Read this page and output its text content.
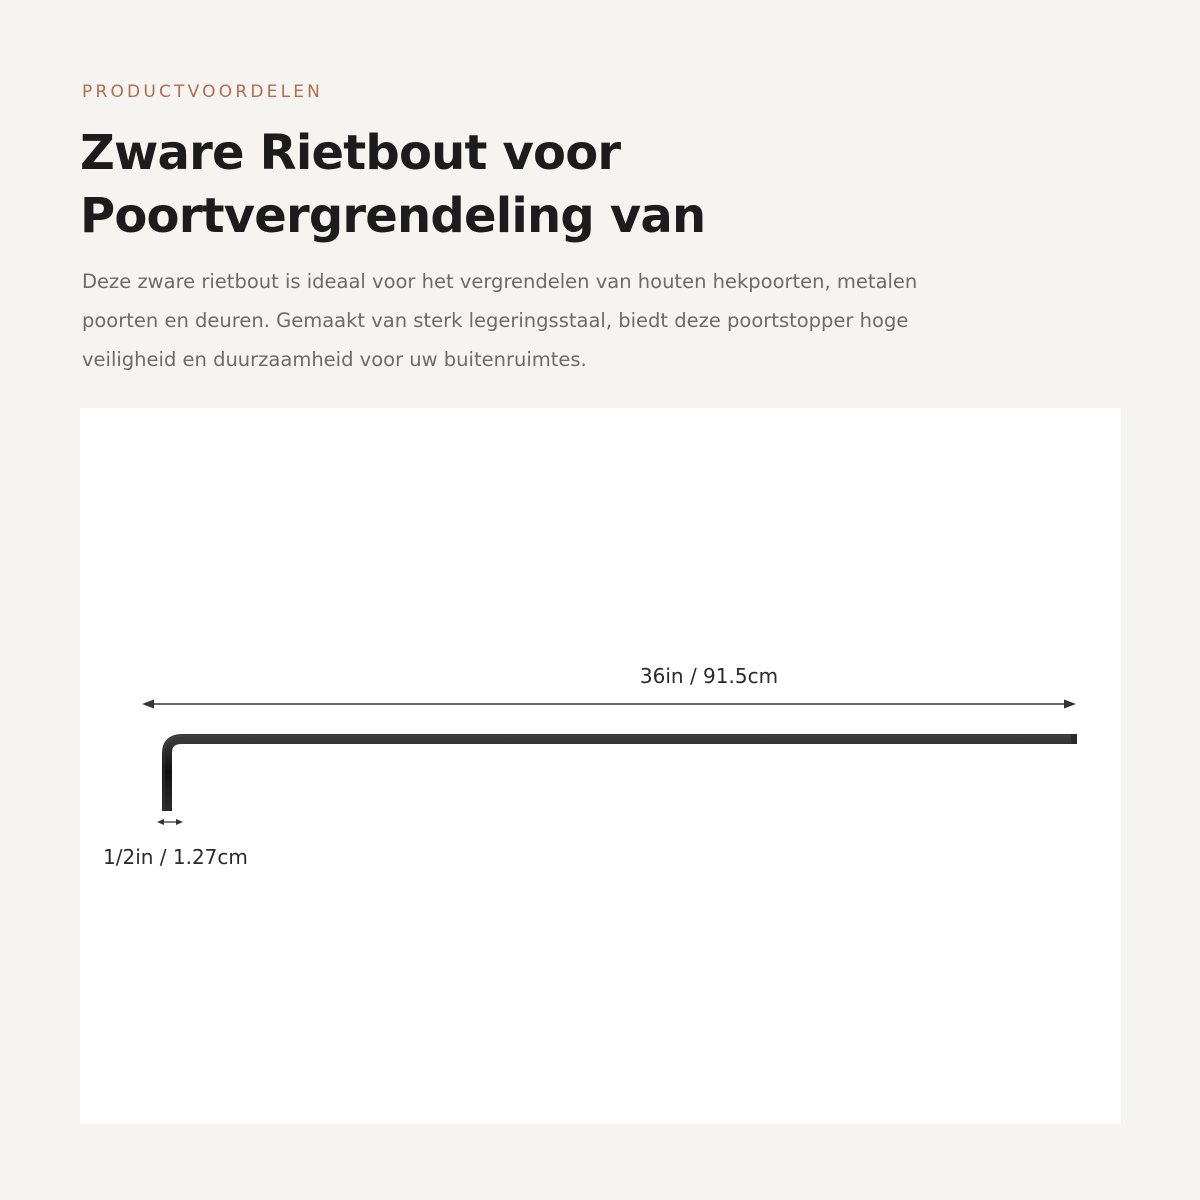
PRODUCTVOORDELEN
Zware Rietbout voor
Poortvergrendeling van

Deze zware rietbout is ideaal voor het vergrendelen van houten hekpoorten, metalen
poorten en deuren. Gemaakt van sterk legeringsstaal, biedt deze poortstopper hoge
veiligheid en duurzaamheid voor uw buitenruimtes.

36in / 91.5cm
1/2in / 1.27cm
